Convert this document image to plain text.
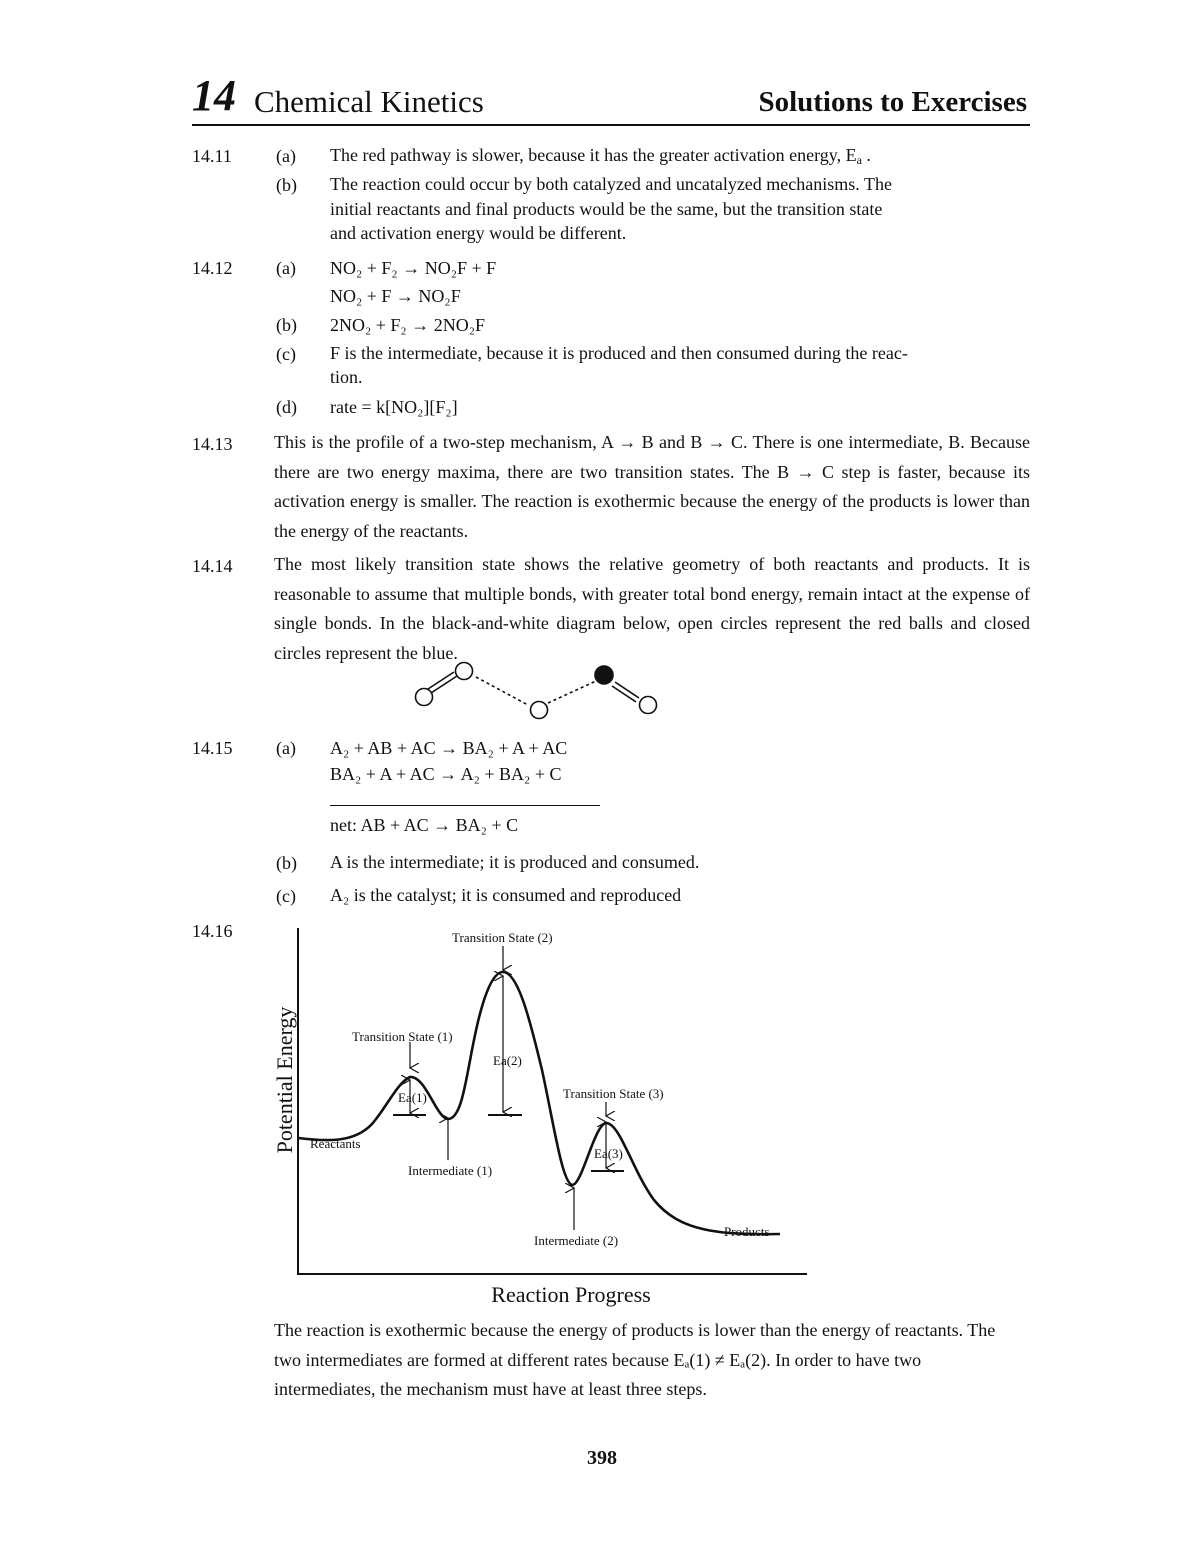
14 Chemical Kinetics	Solutions to Exercises
14.11 (a) The red pathway is slower, because it has the greater activation energy, $E_a$ .
(b) The reaction could occur by both catalyzed and uncatalyzed mechanisms. The
initial reactants and final products would be the same, but the transition state
and activation energy would be different.
14.12 (a) NO₂ + F₂ → NO₂F + F
NO₂ + F → NO₂F
(b) 2NO₂ + F₂ → 2NO₂F
(c) F is the intermediate, because it is produced and then consumed during the reac-
tion.
(d) rate = k[NO₂][F₂]
14.13 This is the profile of a two-step mechanism, A → B and B → C. There is one intermediate, B. Because there are two energy maxima, there are two transition states. The B → C step is faster, because its activation energy is smaller. The reaction is exothermic because the energy of the products is lower than the energy of the reactants.
14.14 The most likely transition state shows the relative geometry of both reactants and products. It is reasonable to assume that multiple bonds, with greater total bond energy, remain intact at the expense of single bonds. In the black-and-white diagram below, open circles represent the red balls and closed circles represent the blue.
14.15 (a) A₂ + AB + AC → BA₂ + A + AC
BA₂ + A + AC → A₂ + BA₂ + C
net: AB + AC → BA₂ + C
(b) A is the intermediate; it is produced and consumed.
(c) A₂ is the catalyst; it is consumed and reproduced
14.16
Potential Energy
Reaction Progress
Transition State (1)
Transition State (2)
Ea(2)
Ea(1)
Reactants
Intermediate (1)
Transition State (3)
Ea(3)
Intermediate (2)
Products
The reaction is exothermic because the energy of products is lower than the energy of reactants. The two intermediates are formed at different rates because Eₐ(1) ≠ Eₐ(2). In order to have two intermediates, the mechanism must have at least three steps.
398
